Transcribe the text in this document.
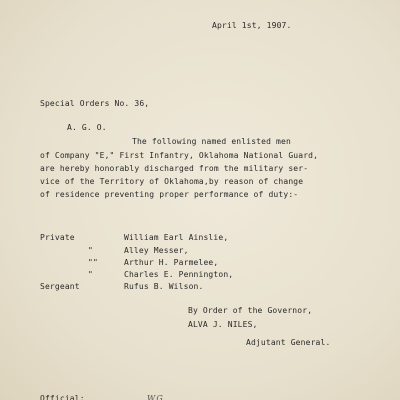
April 1st, 1907.
Special Orders No. 36,
A. G. O.
The following named enlisted men
of Company "E," First Infantry, Oklahoma National Guard,
are hereby honorably discharged from the military ser-
vice of the Territory of Oklahoma,by reason of change
of residence preventing proper performance of duty:-
Private	William Earl Ainslie,
"	Alley Messer,
""	Arthur H. Parmelee,
"	Charles E. Pennington,
Sergeant	Rufus B. Wilson.
By Order of the Governor,
ALVA J. NILES,
Adjutant General.
Official:	W.G.
